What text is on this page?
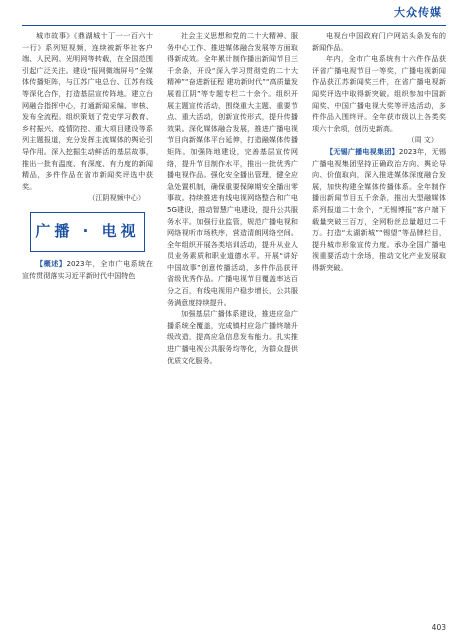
大众传媒

城市故事》《鼎湖城十丁一一百六十一行》系列短视频，连续被新华社客户端、人民网、光明网等转载，在全国范围引起广泛关注。建设“报网微端屏号”全媒体传播矩阵，与江苏广电总台、江苏有线等深化合作，打造基层宣传阵地。建立台网融合指挥中心，打通新闻采编、审核、发布全流程。组织策划了党史学习教育、乡村振兴、疫情防控、重大项目建设等系列主题报道，充分发挥主流媒体的舆论引导作用。深入挖掘生动鲜活的基层故事，推出一批有温度、有深度、有力度的新闻精品，多件作品在省市新闻奖评选中获奖。

（江阴视频中心）

广播 · 电视

【概述】2023年，全市广电系统在宣传贯彻落实习近平新时代中国特色

社会主义思想和党的二十大精神、服务中心工作、推进媒体融合发展等方面取得新成效。全年累计制作播出新闻节目三千余条，开设“深入学习贯彻党的二十大精神”“奋进新征程 建功新时代”“高质量发展看江阴”等专题专栏二十余个。组织开展主题宣传活动，围绕重大主题、重要节点、重大活动，创新宣传形式，提升传播效果。深化媒体融合发展，推进广播电视节目向新媒体平台延伸，打造融媒体传播矩阵。加强阵地建设，完善基层宣传网络，提升节目制作水平，推出一批优秀广播电视作品。强化安全播出管理，健全应急处置机制，确保重要保障期安全播出零事故。持续推进有线电视网络整合和广电5G建设，推动智慧广电建设，提升公共服务水平。加强行业监管，规范广播电视和网络视听市场秩序，营造清朗网络空间。全年组织开展各类培训活动，提升从业人员业务素质和职业道德水平。开展“讲好中国故事”创意传播活动，多件作品获评省级优秀作品。广播电视节目覆盖率达百分之百，有线电视用户稳步增长，公共服务满意度持续提升。

加强基层广播体系建设，推进应急广播系统全覆盖，完成镇村应急广播终端升级改造，提高应急信息发布能力。扎实推进广播电视公共服务均等化，为群众提供优质文化服务。

电视台中国政府门户网站头条发布的新闻作品。

年内，全市广电系统有十六件作品获评省广播电视节目一等奖，广播电视新闻作品获江苏新闻奖三件，在省广播电视新闻奖评选中取得新突破。组织参加中国新闻奖、中国广播电视大奖等评选活动，多件作品入围终评。全年获市级以上各类奖项六十余项，创历史新高。

（周 文）

【无锡广播电视集团】2023年，无锡广播电视集团坚持正确政治方向、舆论导向、价值取向，深入推进媒体深度融合发展，加快构建全媒体传播体系。全年制作播出新闻节目五千余条，推出大型融媒体系列报道二十余个，“无锡博报”客户端下载量突破三百万，全网粉丝总量超过二千万。打造“太湖新城”“锡望”等品牌栏目，提升城市形象宣传力度。承办全国广播电视重要活动十余场，推动文化产业发展取得新突破。

403
